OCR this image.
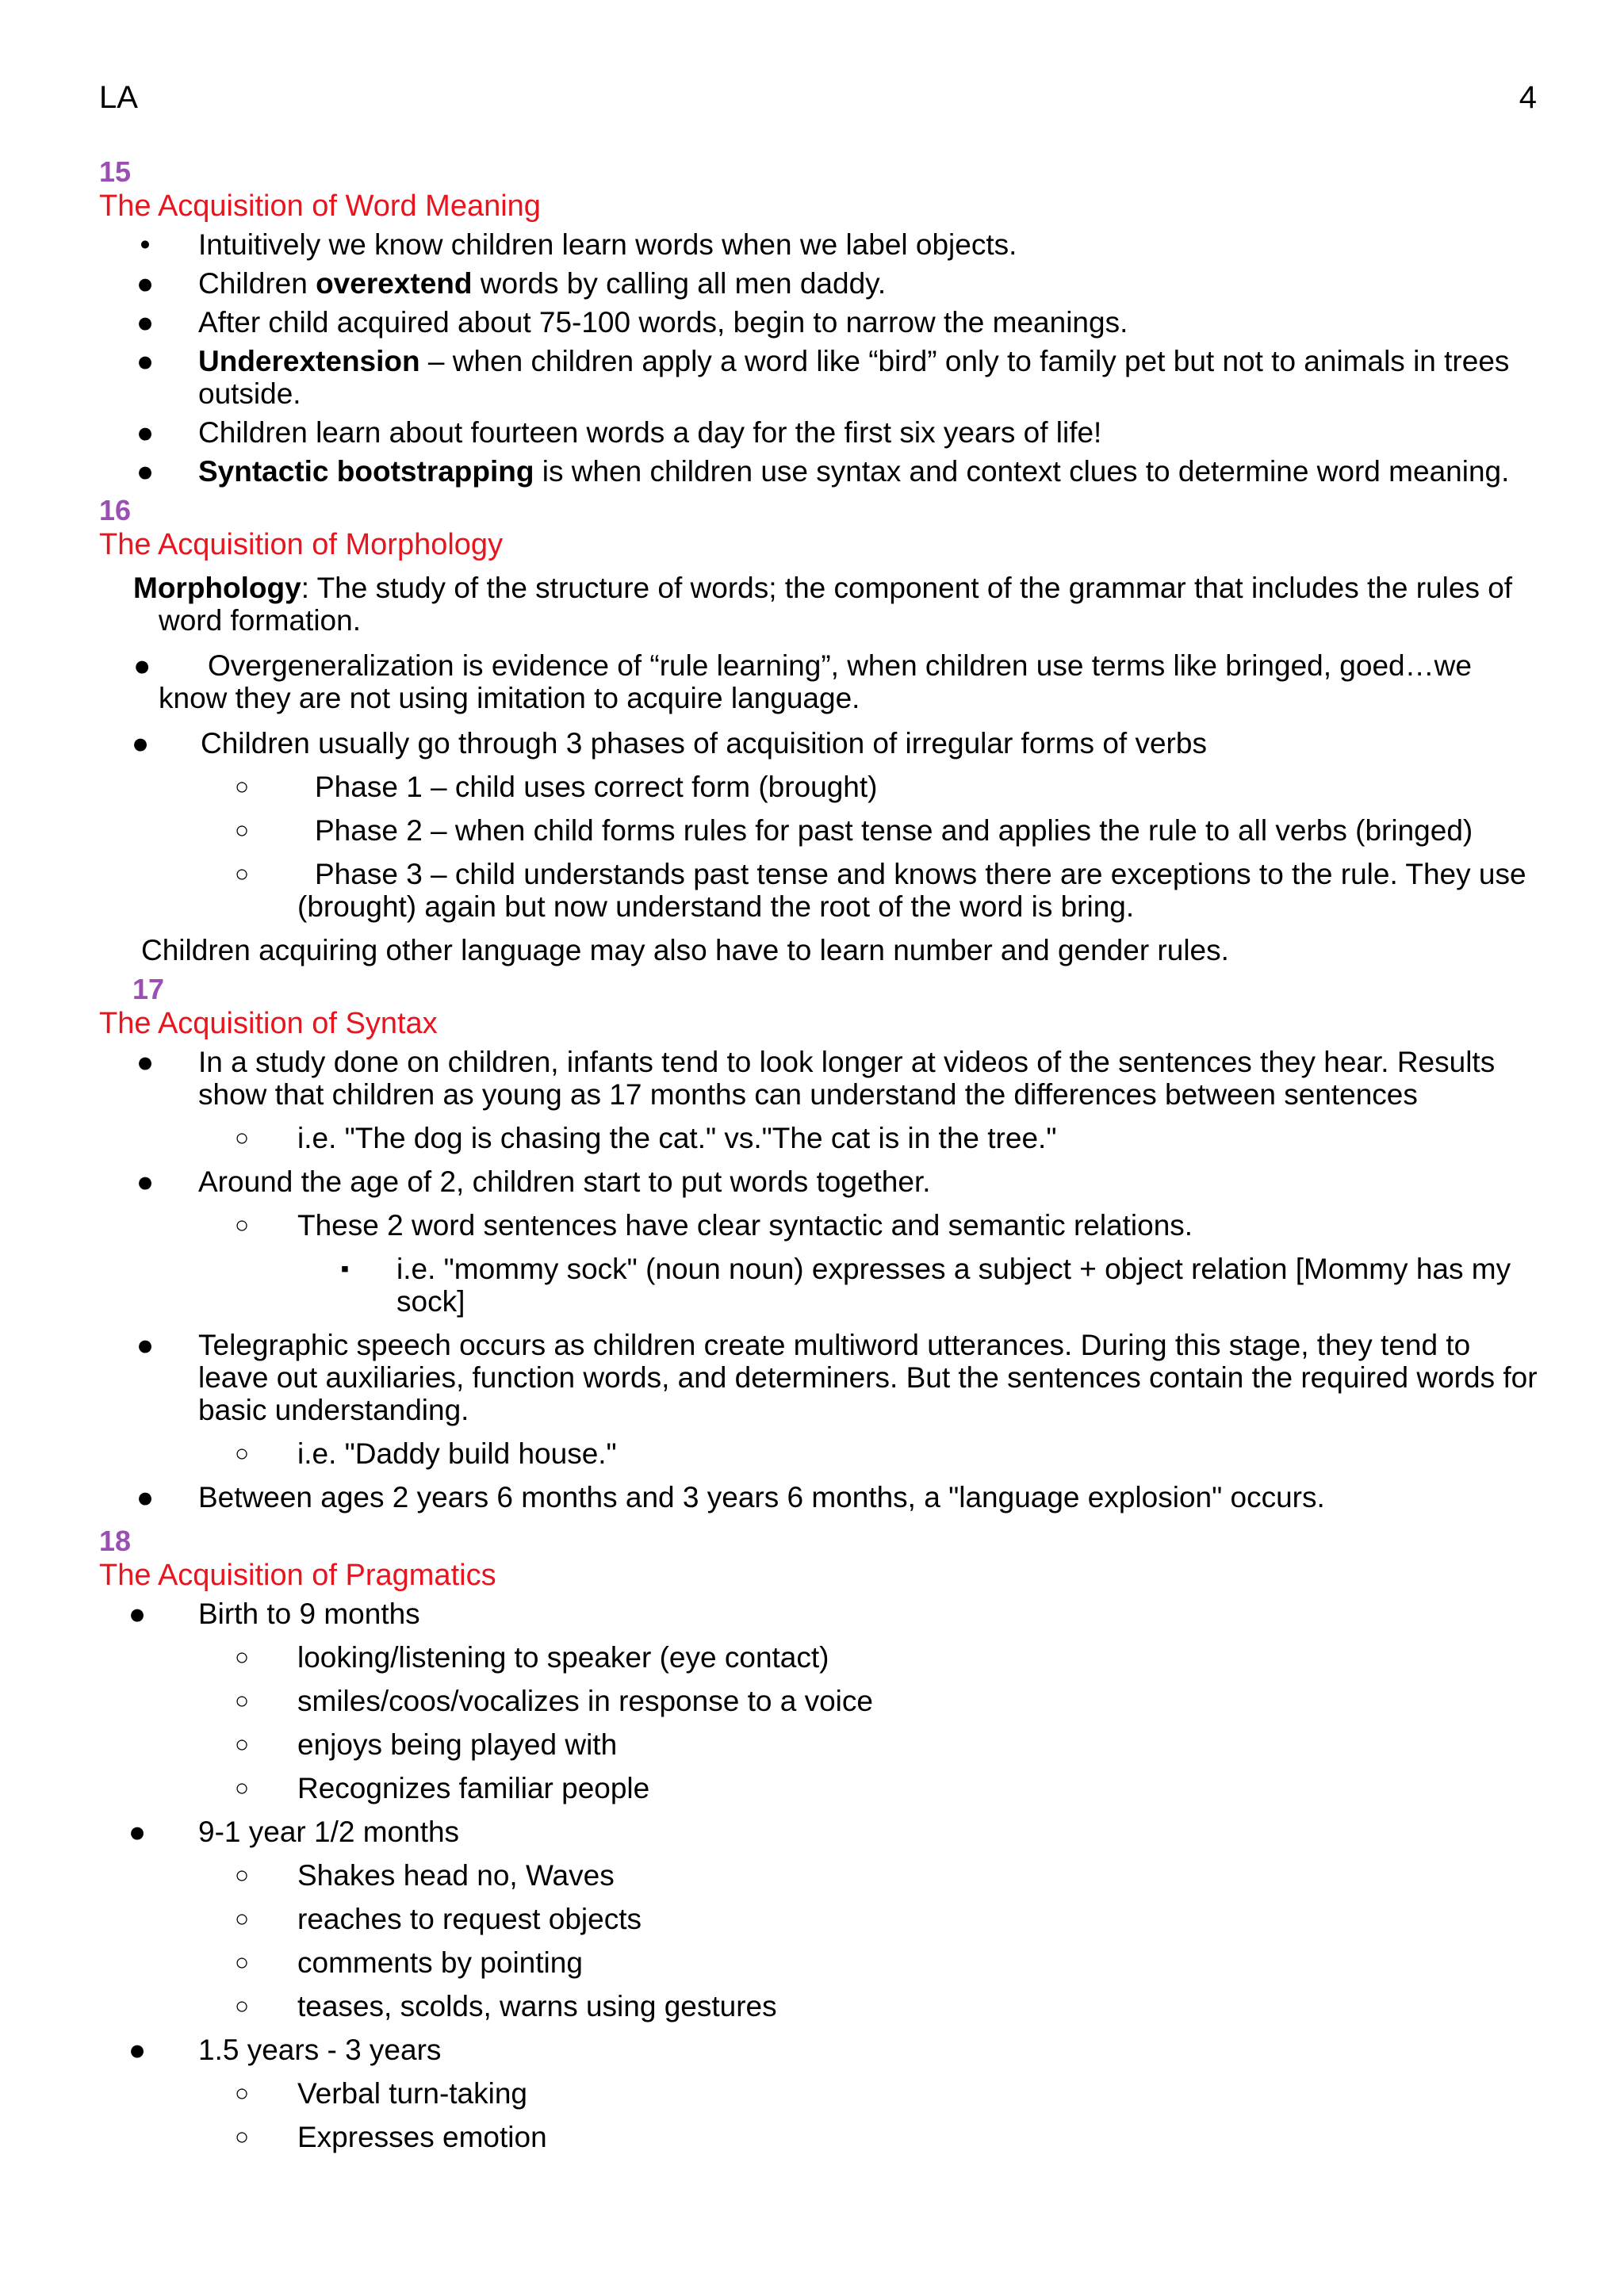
LA	4
15
The Acquisition of Word Meaning
•	Intuitively we know children learn words when we label objects.
● Children overextend words by calling all men daddy.
● After child acquired about 75-100 words, begin to narrow the meanings.
● Underextension – when children apply a word like “bird” only to family pet but not to animals in trees outside.
● Children learn about fourteen words a day for the first six years of life!
● Syntactic bootstrapping is when children use syntax and context clues to determine word meaning.
16
The Acquisition of Morphology
Morphology: The study of the structure of words; the component of the grammar that includes the rules of word formation.
● Overgeneralization is evidence of “rule learning”, when children use terms like bringed, goed…we know they are not using imitation to acquire language.
● Children usually go through 3 phases of acquisition of irregular forms of verbs
○ Phase 1 – child uses correct form (brought)
○ Phase 2 – when child forms rules for past tense and applies the rule to all verbs (bringed)
○ Phase 3 – child understands past tense and knows there are exceptions to the rule. They use (brought) again but now understand the root of the word is bring.
Children acquiring other language may also have to learn number and gender rules.
17
The Acquisition of Syntax
● In a study done on children, infants tend to look longer at videos of the sentences they hear. Results show that children as young as 17 months can understand the differences between sentences
○ i.e. "The dog is chasing the cat." vs."The cat is in the tree."
● Around the age of 2, children start to put words together.
○ These 2 word sentences have clear syntactic and semantic relations.
▪	i.e. "mommy sock" (noun noun) expresses a subject + object relation [Mommy has my sock]
● Telegraphic speech occurs as children create multiword utterances. During this stage, they tend to leave out auxiliaries, function words, and determiners. But the sentences contain the required words for basic understanding.
○ i.e. "Daddy build house."
● Between ages 2 years 6 months and 3 years 6 months, a "language explosion" occurs.
18
The Acquisition of Pragmatics
● Birth to 9 months
○ looking/listening to speaker (eye contact)
○ smiles/coos/vocalizes in response to a voice
○ enjoys being played with
○ Recognizes familiar people
● 9-1 year 1/2 months
○ Shakes head no, Waves
○ reaches to request objects
○ comments by pointing
○ teases, scolds, warns using gestures
● 1.5 years - 3 years
○ Verbal turn-taking
○ Expresses emotion
